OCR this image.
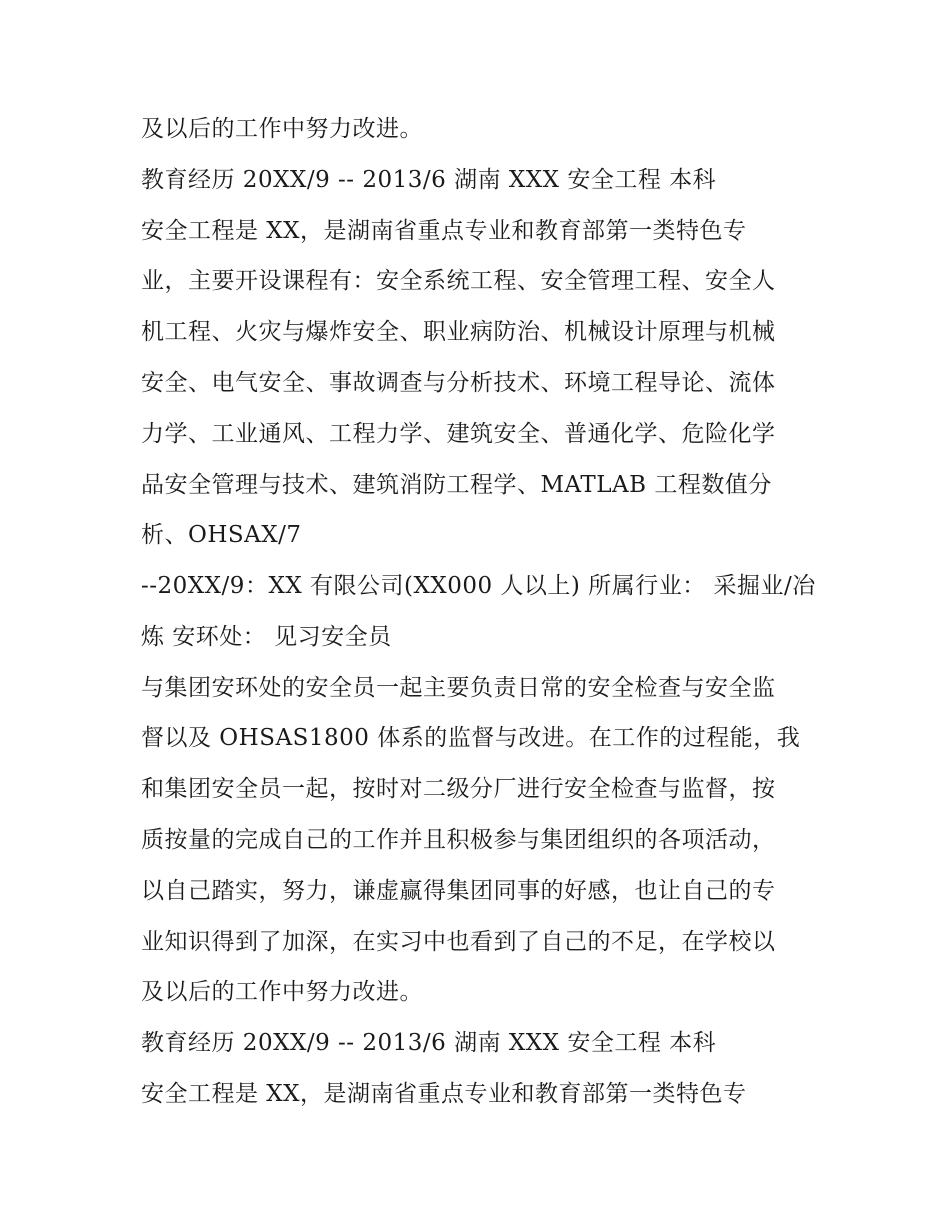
及以后的工作中努力改进。
教育经历 20XX/9 -- 2013/6 湖南 XXX 安全工程 本科
安全工程是 XX，是湖南省重点专业和教育部第一类特色专
业，主要开设课程有：安全系统工程、安全管理工程、安全人
机工程、火灾与爆炸安全、职业病防治、机械设计原理与机械
安全、电气安全、事故调查与分析技术、环境工程导论、流体
力学、工业通风、工程力学、建筑安全、普通化学、危险化学
品安全管理与技术、建筑消防工程学、MATLAB 工程数值分
析、OHSAX/7
--20XX/9：XX 有限公司(XX000 人以上) 所属行业： 采掘业/冶
炼 安环处： 见习安全员
与集团安环处的安全员一起主要负责日常的安全检查与安全监
督以及 OHSAS1800 体系的监督与改进。在工作的过程能，我
和集团安全员一起，按时对二级分厂进行安全检查与监督，按
质按量的完成自己的工作并且积极参与集团组织的各项活动，
以自己踏实，努力，谦虚赢得集团同事的好感，也让自己的专
业知识得到了加深，在实习中也看到了自己的不足，在学校以
及以后的工作中努力改进。
教育经历 20XX/9 -- 2013/6 湖南 XXX 安全工程 本科
安全工程是 XX，是湖南省重点专业和教育部第一类特色专
